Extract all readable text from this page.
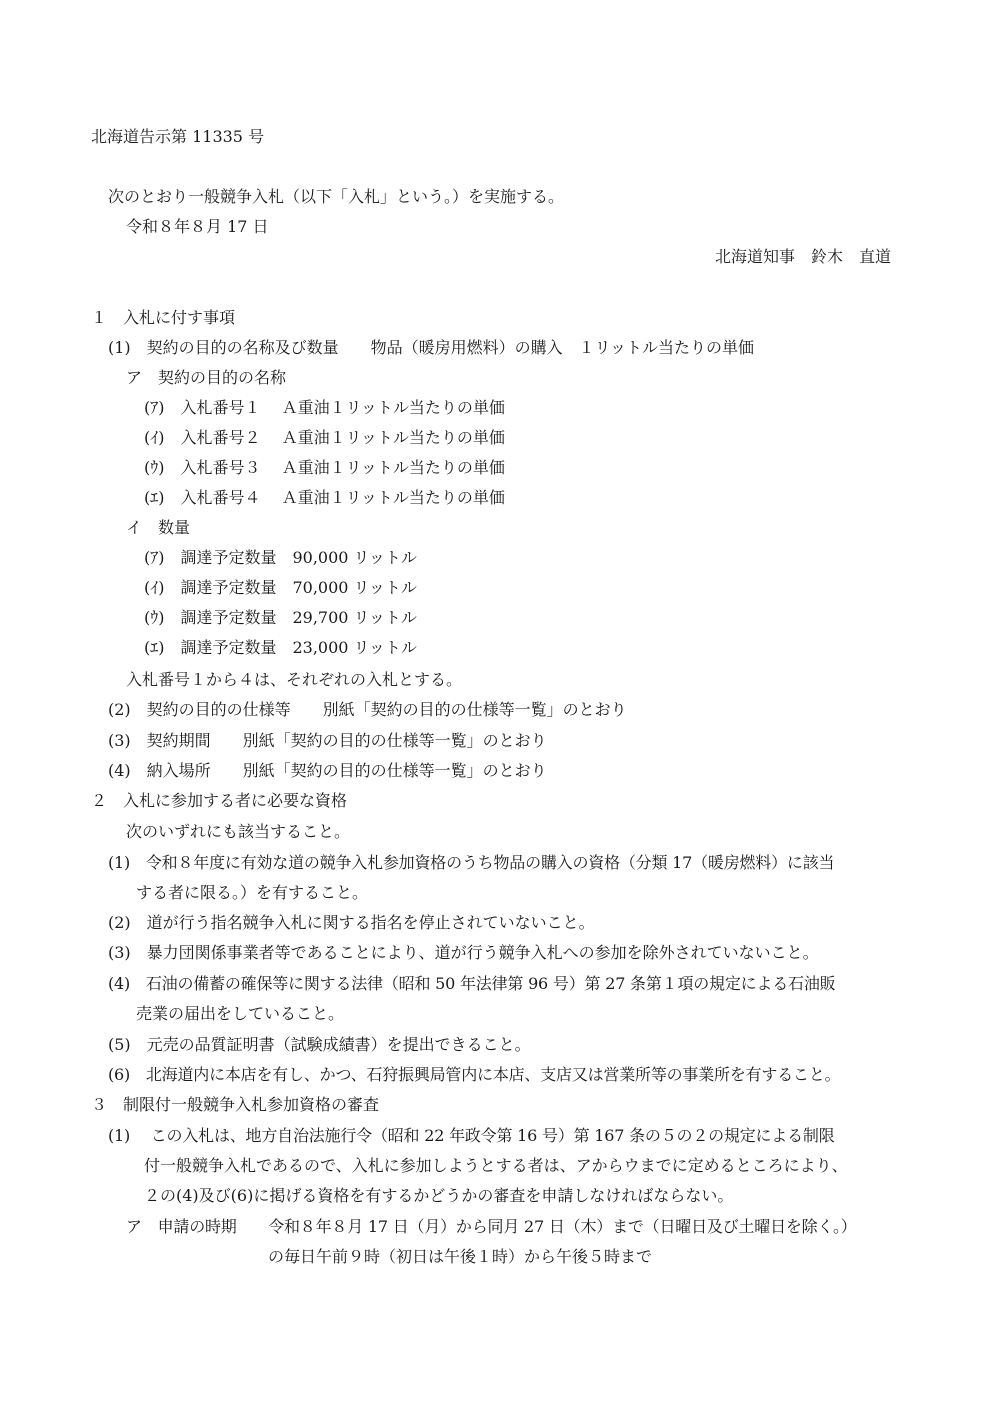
北海道告示第 11335 号
次のとおり一般競争入札（以下「入札」という。）を実施する。
令和８年８月 17 日
北海道知事　鈴木　直道
１　入札に付す事項
(1)　契約の目的の名称及び数量　　物品（暖房用燃料）の購入　１リットル当たりの単価
ア　契約の目的の名称
(ｱ)　入札番号１　 Ａ重油１リットル当たりの単価
(ｲ)　入札番号２　 Ａ重油１リットル当たりの単価
(ｳ)　入札番号３　 Ａ重油１リットル当たりの単価
(ｴ)　入札番号４　 Ａ重油１リットル当たりの単価
イ　数量
(ｱ)　調達予定数量　90,000 リットル
(ｲ)　調達予定数量　70,000 リットル
(ｳ)　調達予定数量　29,700 リットル
(ｴ)　調達予定数量　23,000 リットル
入札番号１から４は、それぞれの入札とする。
(2)　契約の目的の仕様等　　別紙「契約の目的の仕様等一覧」のとおり
(3)　契約期間　　別紙「契約の目的の仕様等一覧」のとおり
(4)　納入場所　　別紙「契約の目的の仕様等一覧」のとおり
２　入札に参加する者に必要な資格
次のいずれにも該当すること。
(1)　令和８年度に有効な道の競争入札参加資格のうち物品の購入の資格（分類 17（暖房燃料）に該当
する者に限る。）を有すること。
(2)　道が行う指名競争入札に関する指名を停止されていないこと。
(3)　暴力団関係事業者等であることにより、道が行う競争入札への参加を除外されていないこと。
(4)　石油の備蓄の確保等に関する法律（昭和 50 年法律第 96 号）第 27 条第１項の規定による石油販
売業の届出をしていること。
(5)　元売の品質証明書（試験成績書）を提出できること。
(6)　北海道内に本店を有し、かつ、石狩振興局管内に本店、支店又は営業所等の事業所を有すること。
３　制限付一般競争入札参加資格の審査
(1)　 この入札は、地方自治法施行令（昭和 22 年政令第 16 号）第 167 条の５の２の規定による制限
付一般競争入札であるので、入札に参加しようとする者は、アからウまでに定めるところにより、
２の(4)及び(6)に掲げる資格を有するかどうかの審査を申請しなければならない。
ア　申請の時期　　令和８年８月 17 日（月）から同月 27 日（木）まで（日曜日及び土曜日を除く。）
の毎日午前９時（初日は午後１時）から午後５時まで
